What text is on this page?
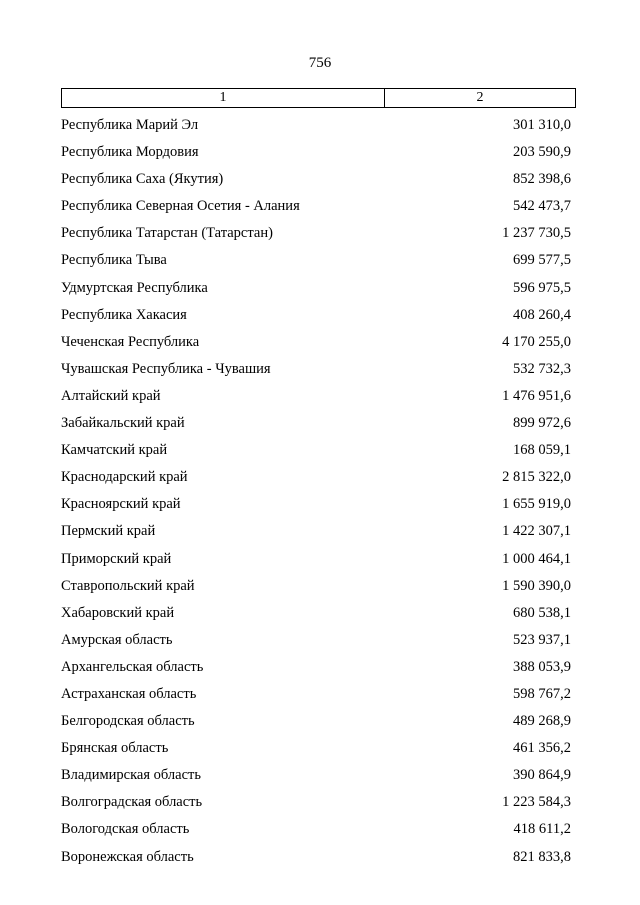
756
1	2
Республика Марий Эл	301 310,0
Республика Мордовия	203 590,9
Республика Саха (Якутия)	852 398,6
Республика Северная Осетия - Алания	542 473,7
Республика Татарстан (Татарстан)	1 237 730,5
Республика Тыва	699 577,5
Удмуртская Республика	596 975,5
Республика Хакасия	408 260,4
Чеченская Республика	4 170 255,0
Чувашская Республика - Чувашия	532 732,3
Алтайский край	1 476 951,6
Забайкальский край	899 972,6
Камчатский край	168 059,1
Краснодарский край	2 815 322,0
Красноярский край	1 655 919,0
Пермский край	1 422 307,1
Приморский край	1 000 464,1
Ставропольский край	1 590 390,0
Хабаровский край	680 538,1
Амурская область	523 937,1
Архангельская область	388 053,9
Астраханская область	598 767,2
Белгородская область	489 268,9
Брянская область	461 356,2
Владимирская область	390 864,9
Волгоградская область	1 223 584,3
Вологодская область	418 611,2
Воронежская область	821 833,8
